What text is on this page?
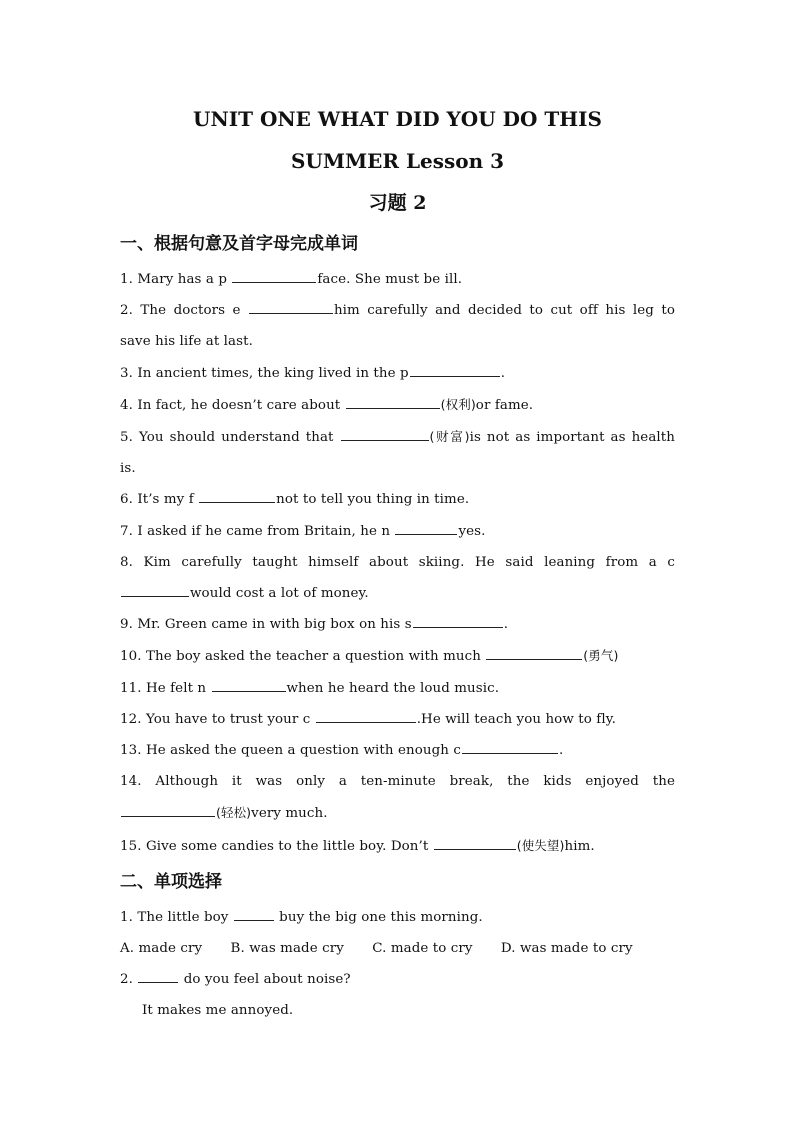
UNIT ONE WHAT DID YOU DO THIS

SUMMER Lesson 3

习题 2

一、根据句意及首字母完成单词

1. Mary has a p	face. She must be ill.

2. The doctors e	him carefully and decided to cut off his leg to

save his life at last.

3. In ancient times, the king lived in the p	.

4. In fact, he doesn’t care about	(权利)or fame.

5. You should understand that	(财富)is not as important as health

is.

6. It’s my f	not to tell you thing in time.

7. I asked if he came from Britain, he n	yes.

8. Kim carefully taught himself about skiing. He said leaning from a c

would cost a lot of money.

9. Mr. Green came in with big box on his s	.

10. The boy asked the teacher a question with much	(勇气)

11. He felt n	when he heard the loud music.

12. You have to trust your c	.He will teach you how to fly.

13. He asked the queen a question with enough c	.

14. Although it was only a ten-minute break, the kids enjoyed the

(轻松)very much.

15. Give some candies to the little boy. Don’t	(使失望)him.

二、单项选择

1. The little boy	buy the big one this morning.

A. made cry B. was made cry C. made to cry D. was made to cry

2.	do you feel about noise?

It makes me annoyed.
